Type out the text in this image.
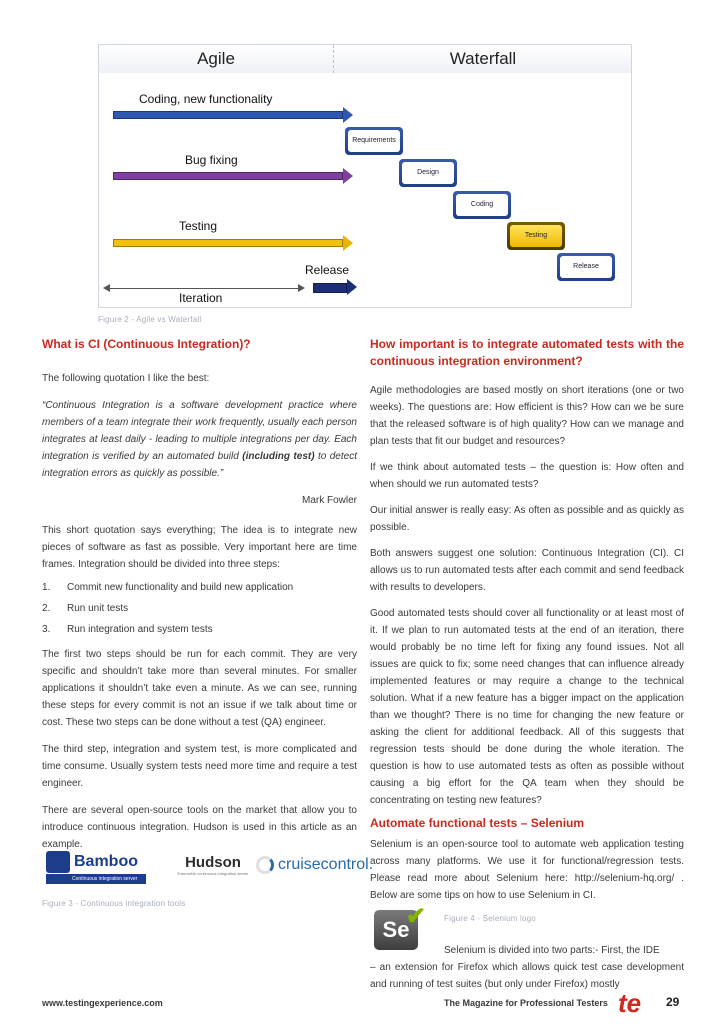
Agile	Waterfall
Coding, new functionality
Bug fixing
Testing
Release
Iteration
Requirements
Design
Coding
Testing
Release
Figure 2 - Agile vs Waterfall
What is CI (Continuous Integration)?

The following quotation I like the best:

“Continuous Integration is a software development practice where members of a team integrate their work frequently, usually each person integrates at least daily - leading to multiple integrations per day. Each integration is verified by an automated build (including test) to detect integration errors as quickly as possible.”

Mark Fowler

This short quotation says everything; The idea is to integrate new pieces of software as fast as possible. Very important here are time frames. Integration should be divided into three steps:

1. Commit new functionality and build new application
2. Run unit tests
3. Run integration and system tests

The first two steps should be run for each commit. They are very specific and shouldn’t take more than several minutes. For smaller applications it shouldn’t take even a minute. As we can see, running these steps for every commit is not an issue if we talk about time or cost. These two steps can be done without a test (QA) engineer.

The third step, integration and system test, is more complicated and time consume. Usually system tests need more time and require a test engineer.

There are several open-source tools on the market that allow you to introduce continuous integration. Hudson is used in this article as an example.

Bamboo
Continuous integration server
Hudson
Extensible continuous integration server
cruisecontrol.
Figure 3 - Continuous integration tools
How important is to integrate automated tests with the continuous integration environment?

Agile methodologies are based mostly on short iterations (one or two weeks). The questions are: How efficient is this? How can we be sure that the released software is of high quality? How can we manage and plan tests that fit our budget and resources?

If we think about automated tests – the question is: How often and when should we run automated tests?

Our initial answer is really easy: As often as possible and as quickly as possible.

Both answers suggest one solution: Continuous Integration (CI). CI allows us to run automated tests after each commit and send feedback with results to developers.

Good automated tests should cover all functionality or at least most of it. If we plan to run automated tests at the end of an iteration, there would probably be no time left for fixing any found issues. Not all issues are quick to fix; some need changes that can influence already implemented features or may require a change to the technical solution. What if a new feature has a bigger impact on the application than we thought? There is no time for changing the new feature or asking the client for additional feedback. All of this suggests that regression tests should be done during the whole iteration. The question is how to use automated tests as often as possible without causing a big effort for the QA team when they should be concentrating on testing new features?

Automate functional tests – Selenium

Selenium is an open-source tool to automate web application testing across many platforms. We use it for functional/regression tests. Please read more about Selenium here: http://selenium-hq.org/ . Below are some tips on how to use Selenium in CI.

Se
✔ Figure 4 - Selenium logo

Selenium is divided into two parts:- First, the IDE

– an extension for Firefox which allows quick test case development and running of test suites (but only under Firefox) mostly

www.testingexperience.com	The Magazine for Professional Testers te 29
